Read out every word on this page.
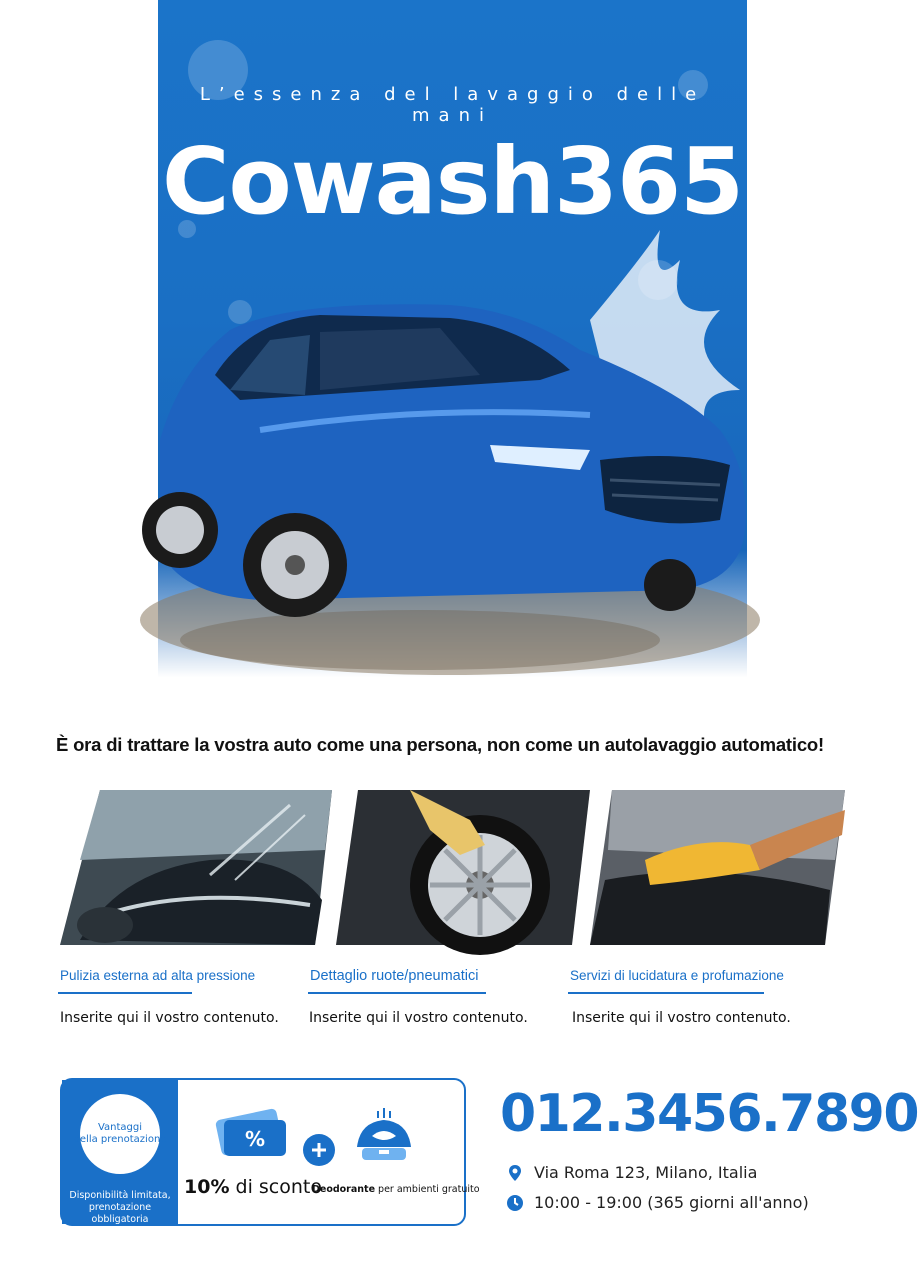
L’essenza del lavaggio delle mani
Cowash365
È ora di trattare la vostra auto come una persona, non come un autolavaggio automatico!
Pulizia esterna ad alta pressione
Inserite qui il vostro contenuto.
Dettaglio ruote/pneumatici
Inserite qui il vostro contenuto.
Servizi di lucidatura e profumazione
Inserite qui il vostro contenuto.
Vantaggi
della prenotazione
Disponibilità limitata, prenotazione obbligatoria
%
10% di sconto
Deodorante per ambienti gratuito
012.3456.7890
Via Roma 123, Milano, Italia
10:00 - 19:00 (365 giorni all'anno)
